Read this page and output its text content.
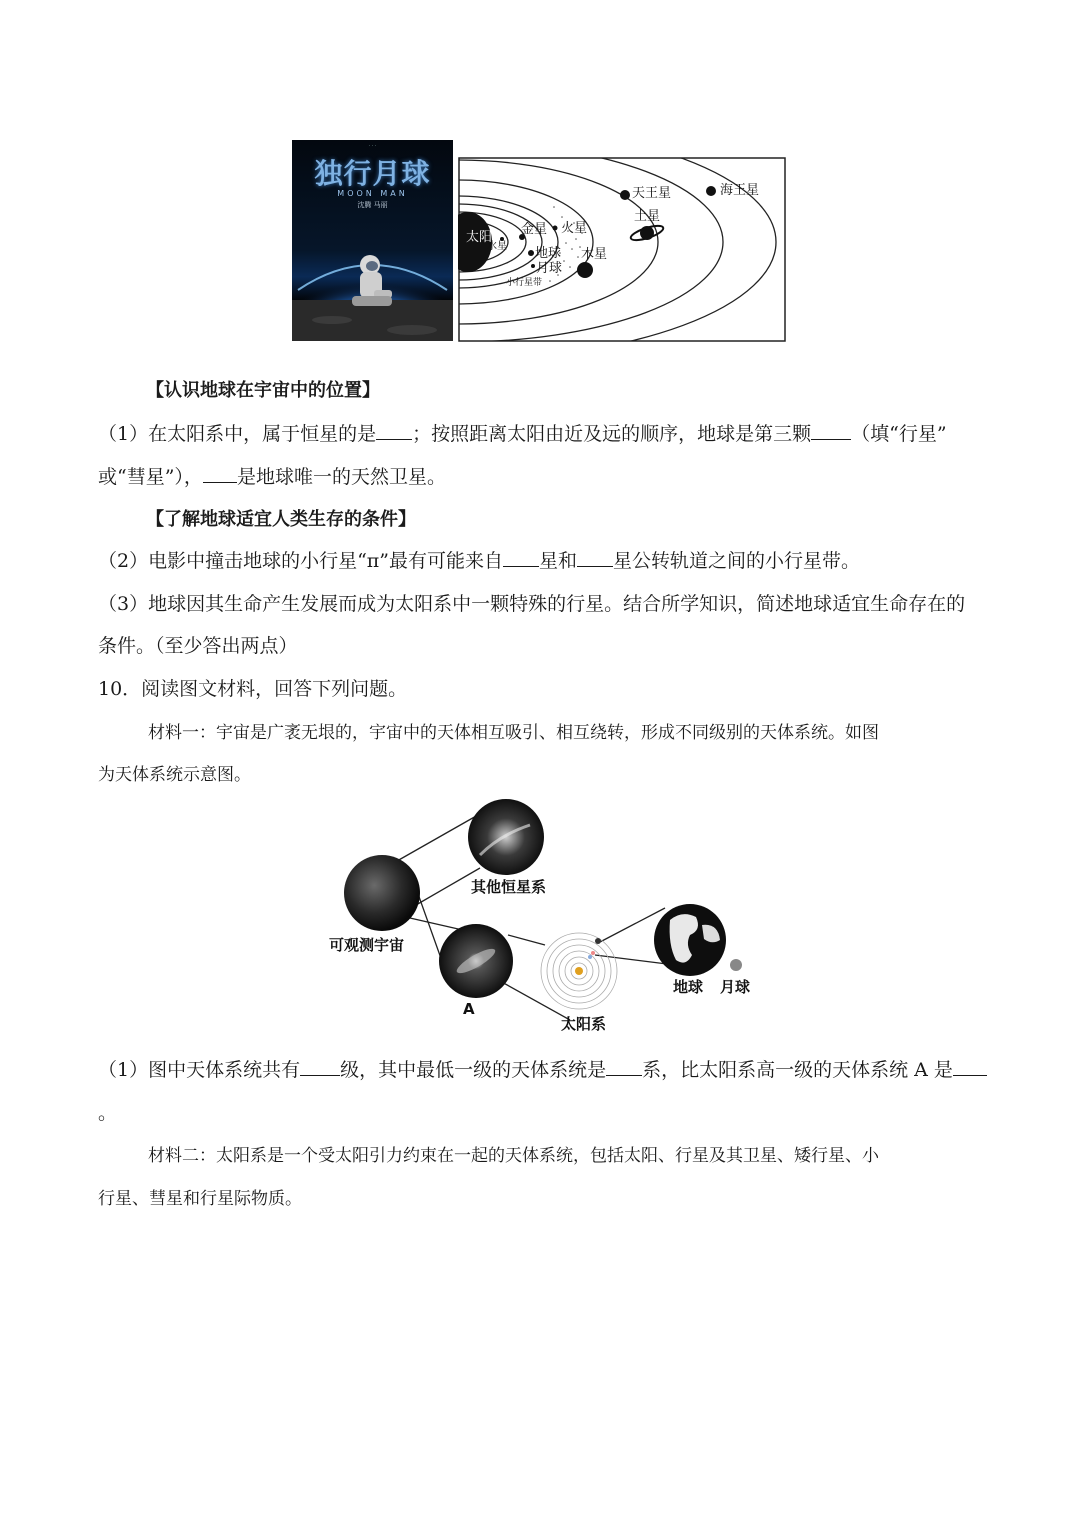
· · ·
独行月球
MOON MAN
沈腾 马丽
太阳
水星
金星
地球
月球
火星
木星
小行星带
土星
天王星	海王星
【认识地球在宇宙中的位置】
（1）在太阳系中，属于恒星的是 ；按照距离太阳由近及远的顺序，地球是第三颗 （填“行星”
或“彗星”）， 是地球唯一的天然卫星。
【了解地球适宜人类生存的条件】
（2）电影中撞击地球的小行星“π”最有可能来自 星和 星公转轨道之间的小行星带。
（3）地球因其生命产生发展而成为太阳系中一颗特殊的行星。结合所学知识，简述地球适宜生命存在的
条件。（至少答出两点）
10．阅读图文材料，回答下列问题。
材料一：宇宙是广袤无垠的，宇宙中的天体相互吸引、相互绕转，形成不同级别的天体系统。如图
为天体系统示意图。
其他恒星系
可观测宇宙
A
太阳系
地球 月球
（1）图中天体系统共有 级，其中最低一级的天体系统是 系，比太阳系高一级的天体系统 A 是
。
材料二：太阳系是一个受太阳引力约束在一起的天体系统，包括太阳、行星及其卫星、矮行星、小
行星、彗星和行星际物质。
